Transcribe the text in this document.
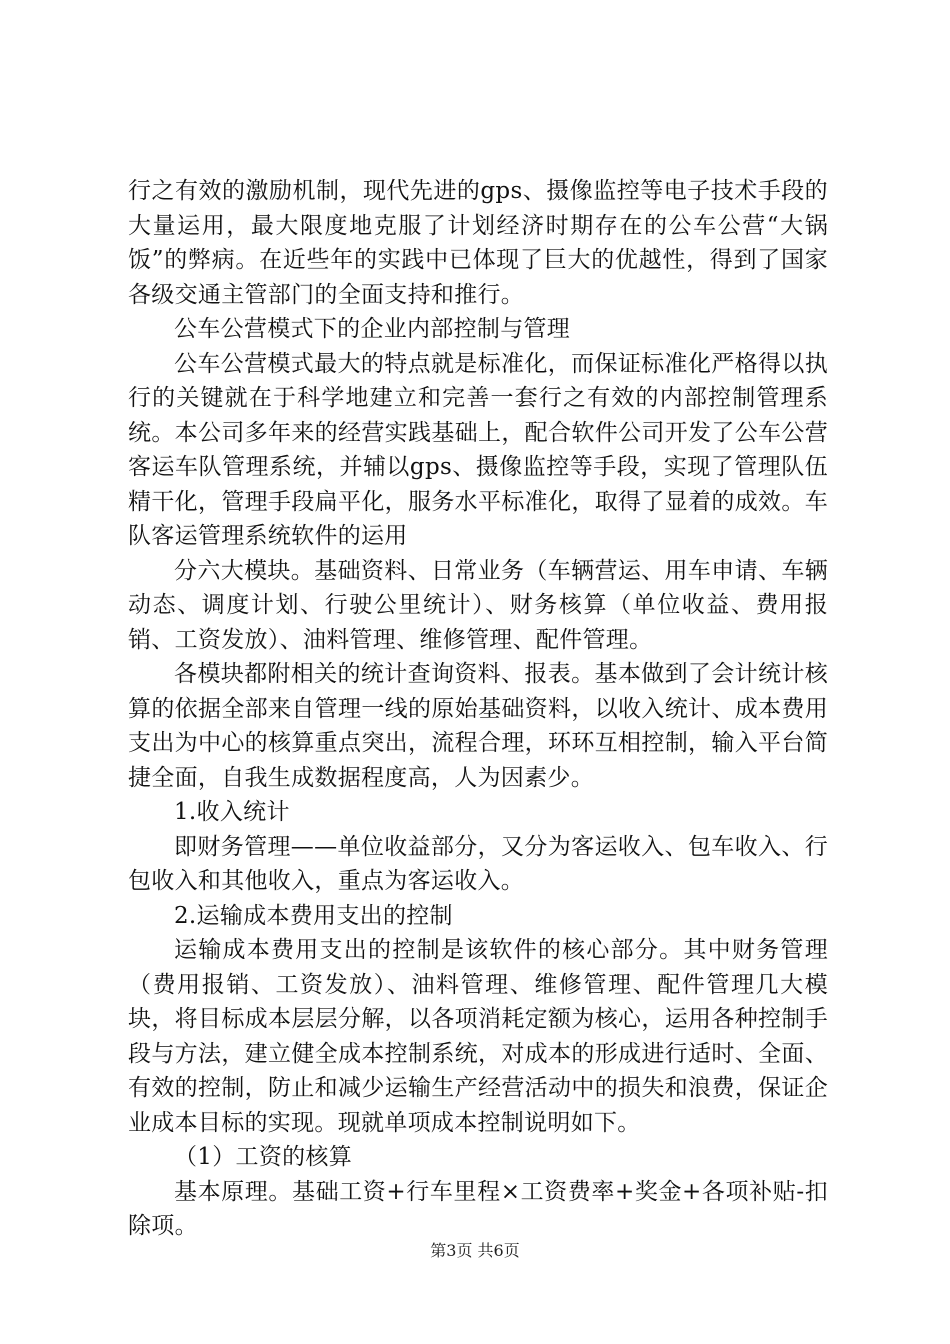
行之有效的激励机制，现代先进的gps、摄像监控等电子技术手段的大量运用，最大限度地克服了计划经济时期存在的公车公营“大锅饭”的弊病。在近些年的实践中已体现了巨大的优越性，得到了国家各级交通主管部门的全面支持和推行。

公车公营模式下的企业内部控制与管理

公车公营模式最大的特点就是标准化，而保证标准化严格得以执行的关键就在于科学地建立和完善一套行之有效的内部控制管理系统。本公司多年来的经营实践基础上，配合软件公司开发了公车公营客运车队管理系统，并辅以gps、摄像监控等手段，实现了管理队伍精干化，管理手段扁平化，服务水平标准化，取得了显着的成效。车队客运管理系统软件的运用

分六大模块。基础资料、日常业务（车辆营运、用车申请、车辆动态、调度计划、行驶公里统计）、财务核算（单位收益、费用报销、工资发放）、油料管理、维修管理、配件管理。

各模块都附相关的统计查询资料、报表。基本做到了会计统计核算的依据全部来自管理一线的原始基础资料，以收入统计、成本费用支出为中心的核算重点突出，流程合理，环环互相控制，输入平台简捷全面，自我生成数据程度高，人为因素少。

1.收入统计

即财务管理——单位收益部分，又分为客运收入、包车收入、行包收入和其他收入，重点为客运收入。

2.运输成本费用支出的控制

运输成本费用支出的控制是该软件的核心部分。其中财务管理（费用报销、工资发放）、油料管理、维修管理、配件管理几大模块，将目标成本层层分解，以各项消耗定额为核心，运用各种控制手段与方法，建立健全成本控制系统，对成本的形成进行适时、全面、有效的控制，防止和减少运输生产经营活动中的损失和浪费，保证企业成本目标的实现。现就单项成本控制说明如下。

（1）工资的核算

基本原理。基础工资+行车里程×工资费率+奖金+各项补贴-扣除项。

第3页 共6页
